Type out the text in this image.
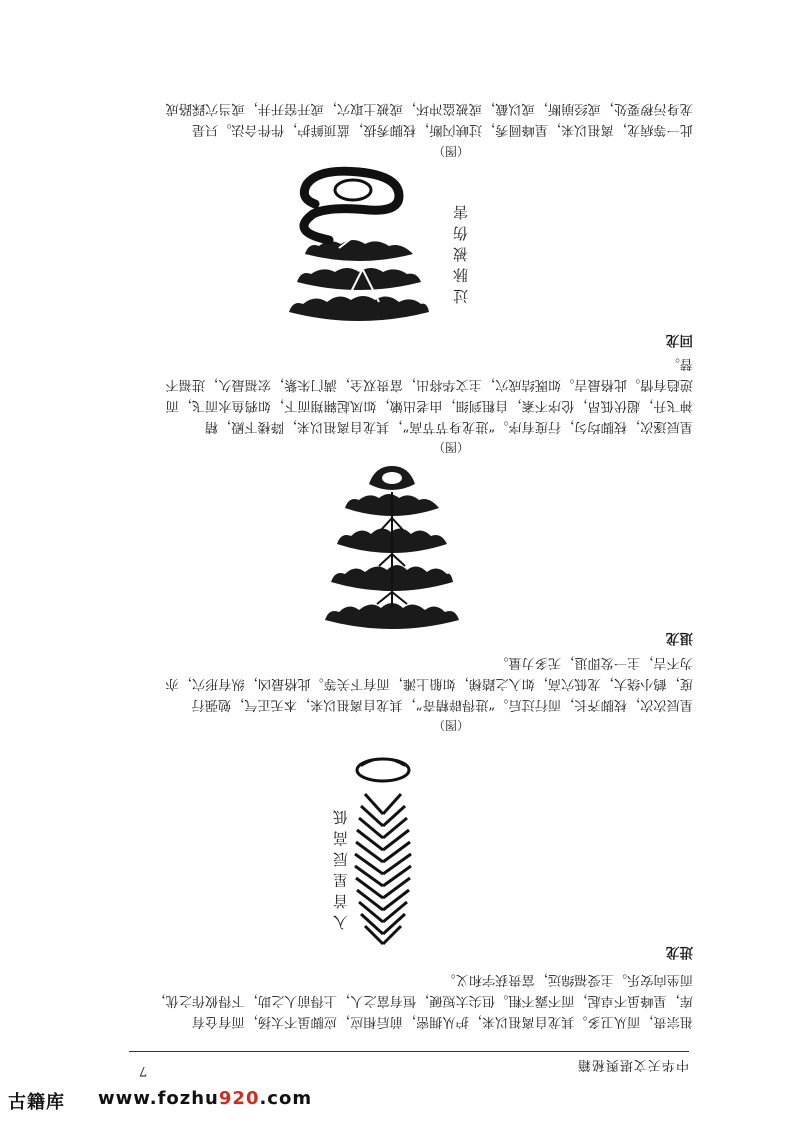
中华天文堪舆秘籍
7

祖宗贵，而从卫多。其龙自离祖以来，护从拥密，前后相应，应脚虽不太扬，而有仓有

库，星峰虽不卓起，而不露不粗。但尖太短硬，恒有富之人，上得前人之助，下得攸作之优，

而坐向安乐。主受福绵远，富贵获字和义。

进龙
入首星辰高低
（图）

星辰次次，枝脚齐长，而行过后。“进得辟精奇”，其龙自离祖以来，本无正气，勉强行

度，鹤小绕大，龙低穴高，如入之踏梯，如船上滩，而有下关等。此格最凶，纵有形穴，亦

为不吉，主一发即退，无多力量。

退龙
（图）

星辰逐次，枝脚均匀，行度有序。“进龙身节节高”，其龙自离祖以来，降楼下殿，精

神飞升，超伏低昂，伦序不紊，自粗到细，由老出嫩，如凤起翱翔而下，如鸦鱼水而飞，而

逆趋有情。此格最吉。如既结成穴，主文华将出，富贵双全，满门朱紫，宏福最久，进福不

替。

回龙
过脉被伤害
（图）

此一等病龙，离祖以来，星峰圆秀，过峡闪断，枝脚秀拔，蓝顶鲜护，件件合法。只是

龙身污秽要处，或经崩断，或以截，或被盗冲坏，或被土取穴，或开窑开井，或当穴踩路成

古籍库 www.fozhu920.com
